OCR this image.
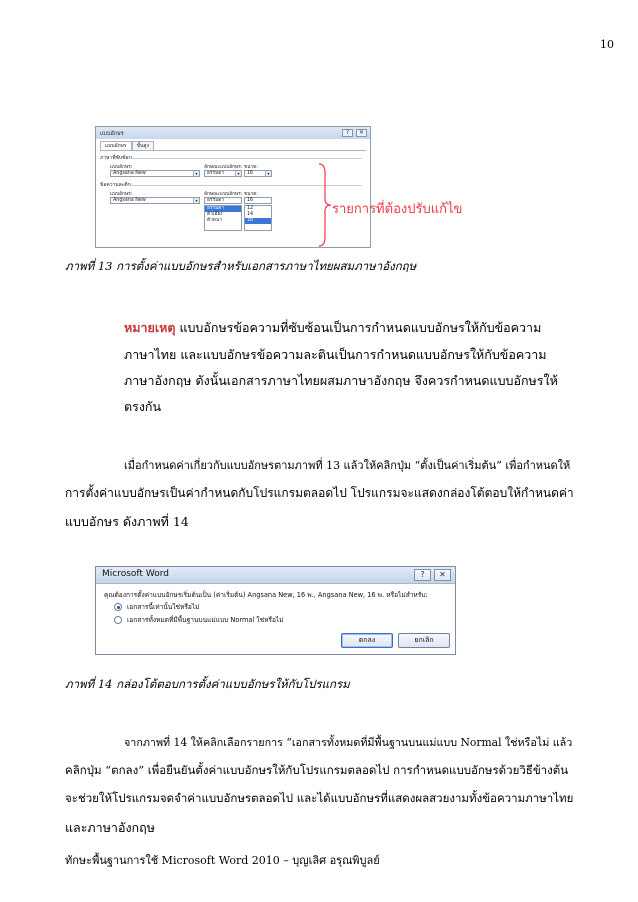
10
แบบอักษร	?	✕
แบบอักษร	ขั้นสูง
ภาษาที่ซับซ้อน
แบบอักษร:	ลักษณะแบบอักษร: ขนาด:
Angsana New	▾	ธรรมดา	▾	16	▾
ข้อความละติน
แบบอักษร:	ลักษณะแบบอักษร: ขนาด:
Angsana New	▾	ธรรมดา	16
ธรรมดา
ตัวเอียง
ตัวหนา
12
14
16
รายการที่ต้องปรับแก้ไข
ภาพที่ 13 การตั้งค่าแบบอักษรสำหรับเอกสารภาษาไทยผสมภาษาอังกฤษ
หมายเหตุ แบบอักษรข้อความที่ซับซ้อนเป็นการกำหนดแบบอักษรให้กับข้อความ
ภาษาไทย และแบบอักษรข้อความละตินเป็นการกำหนดแบบอักษรให้กับข้อความ
ภาษาอังกฤษ ดังนั้นเอกสารภาษาไทยผสมภาษาอังกฤษ จึงควรกำหนดแบบอักษรให้
ตรงกัน
เมื่อกำหนดค่าเกี่ยวกับแบบอักษรตามภาพที่ 13 แล้วให้คลิกปุ่ม “ตั้งเป็นค่าเริ่มต้น” เพื่อกำหนดให้
การตั้งค่าแบบอักษรเป็นค่ากำหนดกับโปรแกรมตลอดไป โปรแกรมจะแสดงกล่องโต้ตอบให้กำหนดค่า
แบบอักษร ดังภาพที่ 14
Microsoft Word	?	✕
คุณต้องการตั้งค่าแบบอักษรเริ่มต้นเป็น (ค่าเริ่มต้น) Angsana New, 16 พ., Angsana New, 16 พ. หรือไม่สำหรับ:
เอกสารนี้เท่านั้นใช่หรือไม่
เอกสารทั้งหมดที่มีพื้นฐานบนแม่แบบ Normal ใช่หรือไม่
ตกลง	ยกเลิก
ภาพที่ 14 กล่องโต้ตอบการตั้งค่าแบบอักษรให้กับโปรแกรม
จากภาพที่ 14 ให้คลิกเลือกรายการ “เอกสารทั้งหมดที่มีพื้นฐานบนแม่แบบ Normal ใช่หรือไม่ แล้ว
คลิกปุ่ม “ตกลง” เพื่อยืนยันตั้งค่าแบบอักษรให้กับโปรแกรมตลอดไป การกำหนดแบบอักษรด้วยวิธีข้างต้น
จะช่วยให้โปรแกรมจดจำค่าแบบอักษรตลอดไป และได้แบบอักษรที่แสดงผลสวยงามทั้งข้อความภาษาไทย
และภาษาอังกฤษ
ทักษะพื้นฐานการใช้ Microsoft Word 2010 – บุญเลิศ อรุณพิบูลย์
